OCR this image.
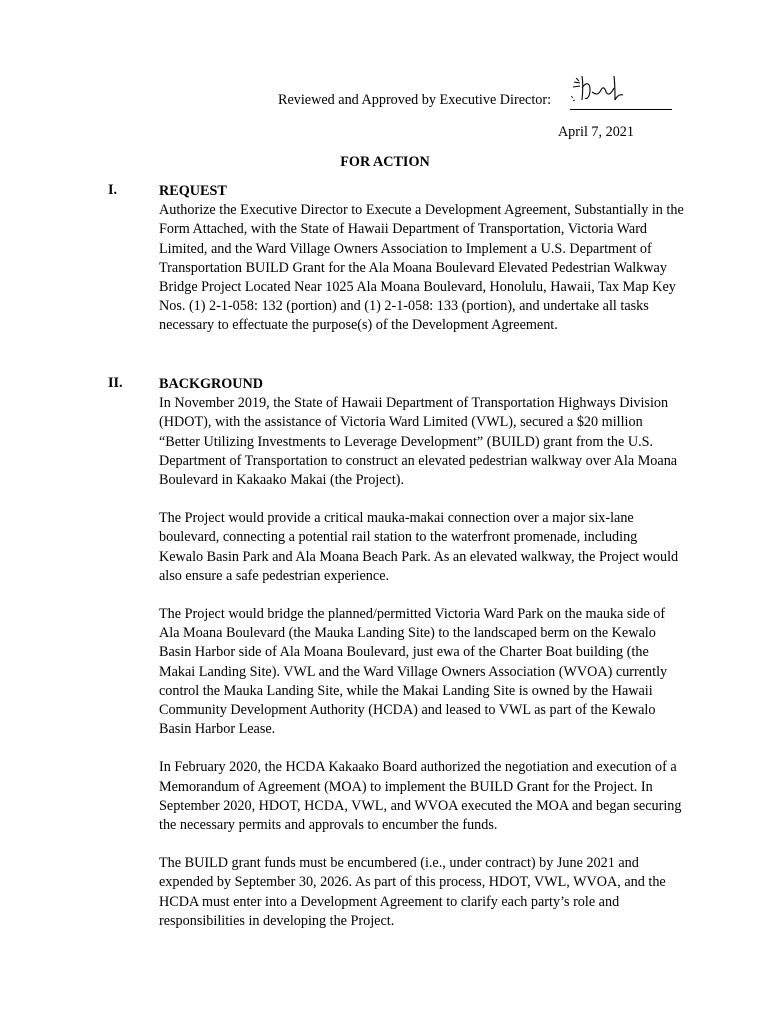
Reviewed and Approved by Executive Director:
April 7, 2021
FOR ACTION
I.	REQUEST

Authorize the Executive Director to Execute a Development Agreement, Substantially in the Form Attached, with the State of Hawaii Department of Transportation, Victoria Ward Limited, and the Ward Village Owners Association to Implement a U.S. Department of Transportation BUILD Grant for the Ala Moana Boulevard Elevated Pedestrian Walkway Bridge Project Located Near 1025 Ala Moana Boulevard, Honolulu, Hawaii, Tax Map Key Nos. (1) 2-1-058: 132 (portion) and (1) 2-1-058: 133 (portion), and undertake all tasks necessary to effectuate the purpose(s) of the Development Agreement.

II.	BACKGROUND

In November 2019, the State of Hawaii Department of Transportation Highways Division (HDOT), with the assistance of Victoria Ward Limited (VWL), secured a $20 million “Better Utilizing Investments to Leverage Development” (BUILD) grant from the U.S. Department of Transportation to construct an elevated pedestrian walkway over Ala Moana Boulevard in Kakaako Makai (the Project).

The Project would provide a critical mauka-makai connection over a major six-lane boulevard, connecting a potential rail station to the waterfront promenade, including Kewalo Basin Park and Ala Moana Beach Park. As an elevated walkway, the Project would also ensure a safe pedestrian experience.

The Project would bridge the planned/permitted Victoria Ward Park on the mauka side of Ala Moana Boulevard (the Mauka Landing Site) to the landscaped berm on the Kewalo Basin Harbor side of Ala Moana Boulevard, just ewa of the Charter Boat building (the Makai Landing Site). VWL and the Ward Village Owners Association (WVOA) currently control the Mauka Landing Site, while the Makai Landing Site is owned by the Hawaii Community Development Authority (HCDA) and leased to VWL as part of the Kewalo Basin Harbor Lease.

In February 2020, the HCDA Kakaako Board authorized the negotiation and execution of a Memorandum of Agreement (MOA) to implement the BUILD Grant for the Project. In September 2020, HDOT, HCDA, VWL, and WVOA executed the MOA and began securing the necessary permits and approvals to encumber the funds.

The BUILD grant funds must be encumbered (i.e., under contract) by June 2021 and expended by September 30, 2026. As part of this process, HDOT, VWL, WVOA, and the HCDA must enter into a Development Agreement to clarify each party’s role and responsibilities in developing the Project.
